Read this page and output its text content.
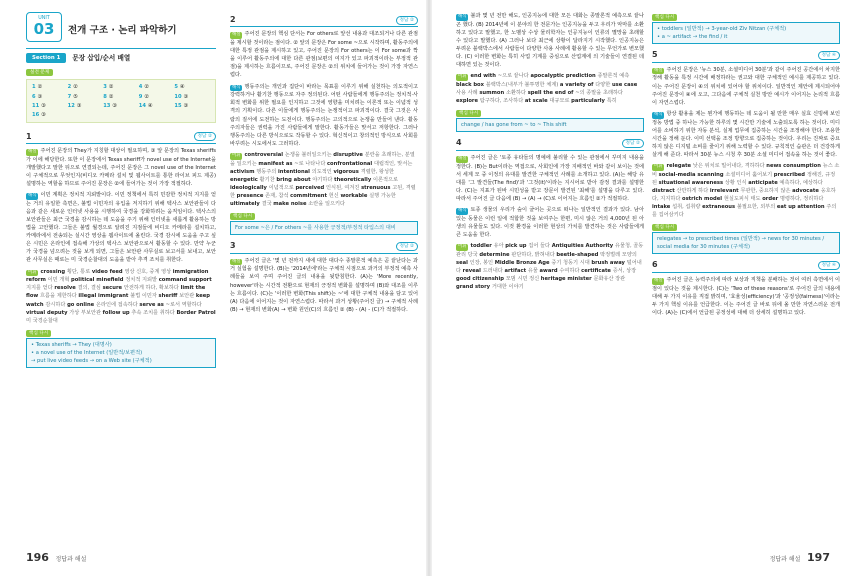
UNIT
03	전개 구조 · 논리 파악하기
Section 1	문장 삽입/순서 배열
실전 문제
1 ②	2 ②	3 ②	4 ②	5 ④
6 ③	7 ⑤	8 ②	9 ②	10 ③
11 ③	12 ③	13 ③	14 ④	15 ③
16 ③
1	정답 ②

해설 주어진 문장의 They가 지칭할 대상이 필요하며, ③ 앞 문장의 Texas sheriffs가 이에 해당한다. 또한 이 문장에서 Texas sheriff가 novel use of the Internet을 개발했다고 말한 뒤으로 연결되는데, 주어진 문장은 그 novel use of the Internet이 구체적으로 무엇인지(비디오 카메라 설치 및 웹사이트를 통한 라이브 피드 제공) 설명하는 역할을 하므로 주어진 문장은 ②에 들어가는 것이 가장 적절하다.

해석 이민 계획은 정치적 지뢰밭이다. 이민 정책에서 특히 민감한 정치적 지지를 얻는 거의 유일한 측면은, 불법 이민자의 유입을 저지하기 위해 텍사스 보안관들이 다음과 같은 새로운 인터넷 사용을 시행하여 국경을 강화하려는 움직임이다. 텍사스의 보안관들은 최근 국경을 감시하는 데 도움을 주기 위해 인터넷을 새롭게 활용하는 방법을 고안했다. 그들은 불법 월경으로 알려진 지점들에 비디오 카메라를 설치하고, 카메라에서 전송되는 실시간 영상을 웹사이트에 올린다. 국경 감시에 도움을 주고 싶은 시민은 온라인에 접속해 가상의 텍사스 보안관으로서 활동할 수 있다. 만약 누군가 국경을 넘으려는 것을 보게 되면, 그들은 보안관 사무실로 보고서를 보내고, 보안관 사무실은 때로는 미 국경순찰대의 도움을 받아 추격 조치를 취한다.

어휘 crossing 횡단, 통로 video feed 영상 신호, 중계 영상 immigration reform 이민 개혁 political minefield 정치적 지뢰밭 command support 지지를 얻다 resolve 결의, 결심 secure 안전하게 하다, 확보하다 limit the flow 흐름을 제한하다 illegal immigrant 불법 이민자 sheriff 보안관 keep watch 감시하다 go online 온라인에 접속하다 serve as ~로서 역할하다 virtual deputy 가상 부보안관 follow up 추속 조치를 취하다 Border Patrol 미 국경순찰대
핵심 다시
• Texas sheriffs → They (대명사)
• a novel use of the Internet (일반적/보편적)
→ put live video feeds → on a Web site (구체적)
2	정답 ②

해설 주어진 문장의 핵심 단서는 For others로 앞선 내용과 대조되거나 다른 관점을 제시할 것이라는 점이다. ② 앞의 문장은 For some ~으로 시작하며, 활동주의에 대한 특정 관점을 제시하고 있고, 주어진 문장의 For others는 이 For some과 짝을 이루어 활동주의에 대한 다른 관점(보편의 여지가 있고 파괴적이라는 부정적 관점)을 제시하는 흐름이므로, 주어진 문장은 ②의 위치에 들어가는 것이 가장 자연스럽다.

해석 행동주의는 개인과 집단이 바라는 목표를 이루기 위해 실천하는 의도적이고 강력하거나 활기찬 행동으로 자주 정의된다. 어떤 사람들에게 행동주의는 정치적·사회적 변화를 위한 필요를 인지하고 그것에 영향을 미치려는 이론적 또는 이념적 성격의 기획이다. 다른 이들에게 행동주의는 논쟁적이고 파괴적이다. 결국 그것은 사람의 질서에 도전하는 도전이다. 행동주의는 고의적으로 논쟁을 만들어 낸다. 활동주의자들은 권력을 가진 사람들에게 말한다. 활동가들은 맞서고 저항한다. 그러나 행동주의는 다른 방식으로도 작동할 수 있다. 혁신적이고 창의적인 방식으로 사회를 바꾸려는 시도에서도 그러하다.

어휘 controversial 논쟁을 불러일으키는 disruptive 분란을 초래하는, 분열을 일으키는 manifest as ~로 나타나다 confrontational 대립적인, 맞서는 activism 행동주의 intentional 의도적인 vigorous 격렬한, 왕성한 energetic 활기찬 bring about 야기하다 theoretically 이론적으로 ideologically 이념적으로 perceived 인식된, 여겨진 strenuous 고된, 격렬한 presence 존재, 참석 commitment 헌신 workable 실행 가능한 ultimately 결국 make noise 소란을 일으키다
핵심 다시
For some ~은 / For others ~를 사용한 긍정적/부정적 타입스의 대비
3	정답 ②

해설 주어진 글은 '몇 년 전까지 새에 대한 대다수 종말론적 예측은 곧 끝난다는 과거 실험을 설명한다. (B)는 '2014년에'라는 구체적 시점으로 과거의 부정적 예측 사례들을 보여 주며 주어진 글의 내용을 뒷받침한다. (A)는 'More recently, however'라는 시간적 전환으로 현재의 긍정적 변화를 설명하며 (B)와 대조를 이루는 흐름이다. (C)는 '이러한 변화(This shift)는 ~'에 대한 구체적 내용을 담고 있어 (A) 다음에 이어지는 것이 자연스럽다. 따라서 과거 상황(주어진 글) → 구체적 사례(B) → 현재의 변화(A) → 변화 원인(C)의 흐름인 ② (B) - (A) - (C)가 적절하다.

해석 불과 몇 년 전만 해도, 인공지능에 대한 모든 대화는 종말론적 예측으로 끝나곤 했다. (B) 2014년에 이 분야의 한 전문가는 인공지능을 두고 우리가 악마를 소환하고 있다고 말했고, 한 노벨상 수상 물리학자는 인공지능이 인류의 멸망을 초래할 수 있다고 말했다. (A) 그러나 보다 최근에 상황이 달라지기 시작했다. 인공지능은 두려운 블랙박스에서 사람들이 다양한 사용 사례에 활용할 수 있는 무언가로 변모했다. (C) 이러한 변화는 특히 사업 기계를 중심으로 산업계에 의 기술들이 연결된 데 대하면 있는 것이다.

어휘 end with ~으로 끝나다 apocalyptic prediction 종말론적 예측 black box 블랙박스(내부가 불투명한 체계) a variety of 다양한 use case 사용 사례 summon 소환하다 spell the end of ~의 종말을 초래하다 explore 탐구하다, 조사하다 at scale 대규모로 particularly 특히
핵심 다시
change / has gone from ~ to ~ This shift
4	정답 ②

해설 주어진 글은 '토종 유타들의 명예에 불리할 수 있는 관점에서 꾸미지 내용을 정한다. (B)는 But이라는 역접으로, 사회인에 가장 지배적인 바와 같이 보이는 것에서 세계 모 중 이정의 유대를 발견한 구체적인 사례를 소개하고 있다. (A)는 해당 유대를 '그 발견들(The find)'과 '그것(it)'이라는 지시어로 받아 감정 결과를 설명한다. (C)는 지표가 된바 시민성을 받고 장문이 발견된 '최해'를 설명을 다루고 있다. 따라서 주어진 글 다음에 (B) → (A) → (C)로 이어지는 흐름인 ②가 적절하다.

해석 토종 생물의 우리가 숲이 굴어는 곳으로 떠나는 일반적인 결과가 있다. 남아 있는 동물은 이런 일에 적합한 것을 보여주는 한편, 미시 않은 거의 4,000년 된 아생의 유물들도 있다. 이것 환경을 이러한 현상의 가치를 발견하는 것은 사람들에게 큰 도움을 한다.

어휘 toddler 유아 pick up 집어 들다 Antiquities Authority 유물청, 골동 관리 당국 determine 판단하다, 밝혀내다 beetle-shaped 딱정벌레 모양의 seal 인장, 봉인 Middle Bronze Age 중기 청동기 시대 brush away 털어내다 reveal 드러내다 artifact 유물 award 수여하다 certificate 증서, 상장 good citizenship 모범 시민 정신 heritage minister 문화유산 장관 grand story 거대한 이야기
핵심 다시
• toddlers (일반적) → 3-year-old Ziv Nitzan (구체적)
• a ~ artifact → the find / it
5	정답 ④

해설 주어진 문장은 '뉴스 30분, 소셜미디어 30분'과 같이 주어진 공간에서 차지한 정해 활동을 특정 시간에 배정하라는 권고와 대한 구체적인 예시를 제공하고 있다. 이는 주어진 문장이 ④의 위치에 있어야 할 위치이다. 일반적인 제안에 제시되어야 주어진 문장이 ④에 오고, 그다음에 구체적 실천 방안 예시가 이어지는 논리적 흐름이 자연스럽다.

해석 항상 활용을 제는 뭔가에 행동하는 데 도움이 될 만한 매우 실효 신빙해 보인 정동 방법 중 하나는 가능한 하루의 몇 시간만 기술에 노출되도록 하는 것이다. 미디어를 소비하기 위한 자동 분석, 실제 업무에 집중하는 시간을 조정해야 한다. 조용한 시간을 정해 둔다. 이미 선택을 조정 방향으로 집중하는 것이다. 우리는 진짜로 중요하지 않은 디지털 소비를 줄이기 위해 노력할 수 있다. 규칙적인 습관은 더 건강하게 살게 해 준다. 따라서 30분 뉴스 시청 후 30분 소셜 미디어 접속을 하는 것이 좋다.

어휘 relegate 낮은 위치로 밀어내다, 격하하다 news consumption 뉴스 소비 social-media scanning 소셜미디어 훑어보기 prescribed 정해진, 규정된 situational awareness 상황 인식 anticipate 예측하다, 예상하다 distract 산만하게 하다 irrelevant 무관한, 중요하지 않은 advocate 옹호하다, 지지하다 ostrich model 현실도피식 태도 order 명령하다, 정리하다 intake 섭취, 섭취량 extraneous 불필요한, 외부의 eat up attention 주의를 집어삼키다
핵심 다시
relegates → to prescribed times (일반적) → news for 30 minutes / social media for 30 minutes (구체적)
6	정답 ④

해설 주어진 글은 능력주의에 따라 보상과 직책을 분배하는 것이 여러 측면에서 이점이 있다는 것을 제시한다. (C)는 'Two of these reasons'로 주어진 글의 내용에 대해 두 가지 이유를 직접 밝히며, '효율성(efficiency)'과 '공정성(fairness)'이라는 두 가지 핵심 이유를 언급한다. 이는 주어진 글 바로 뒤에 올 만한 자연스러운 전개이다. (A)는 (C)에서 언급된 공정성에 대해 더 상세히 설명하고 있다.

196 정답과 해설	정답과 해설 197
